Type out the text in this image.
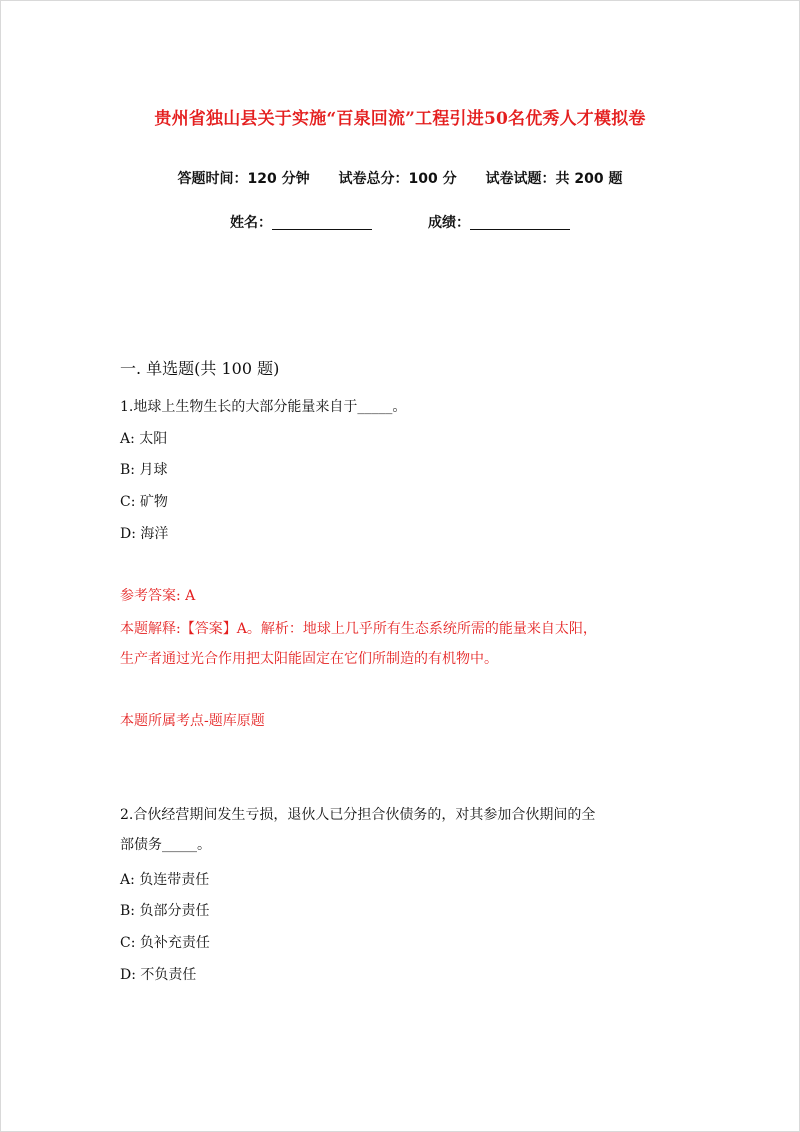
贵州省独山县关于实施“百泉回流”工程引进50名优秀人才模拟卷
答题时间：120 分钟 试卷总分：100 分 试卷试题：共 200 题
姓名：	成绩：
一. 单选题(共 100 题)
1.地球上生物生长的大部分能量来自于_____。
A: 太阳
B: 月球
C: 矿物
D: 海洋
参考答案: A
本题解释:【答案】A。解析：地球上几乎所有生态系统所需的能量来自太阳，
生产者通过光合作用把太阳能固定在它们所制造的有机物中。
本题所属考点-题库原题
2.合伙经营期间发生亏损，退伙人已分担合伙债务的，对其参加合伙期间的全
部债务_____。
A: 负连带责任
B: 负部分责任
C: 负补充责任
D: 不负责任
